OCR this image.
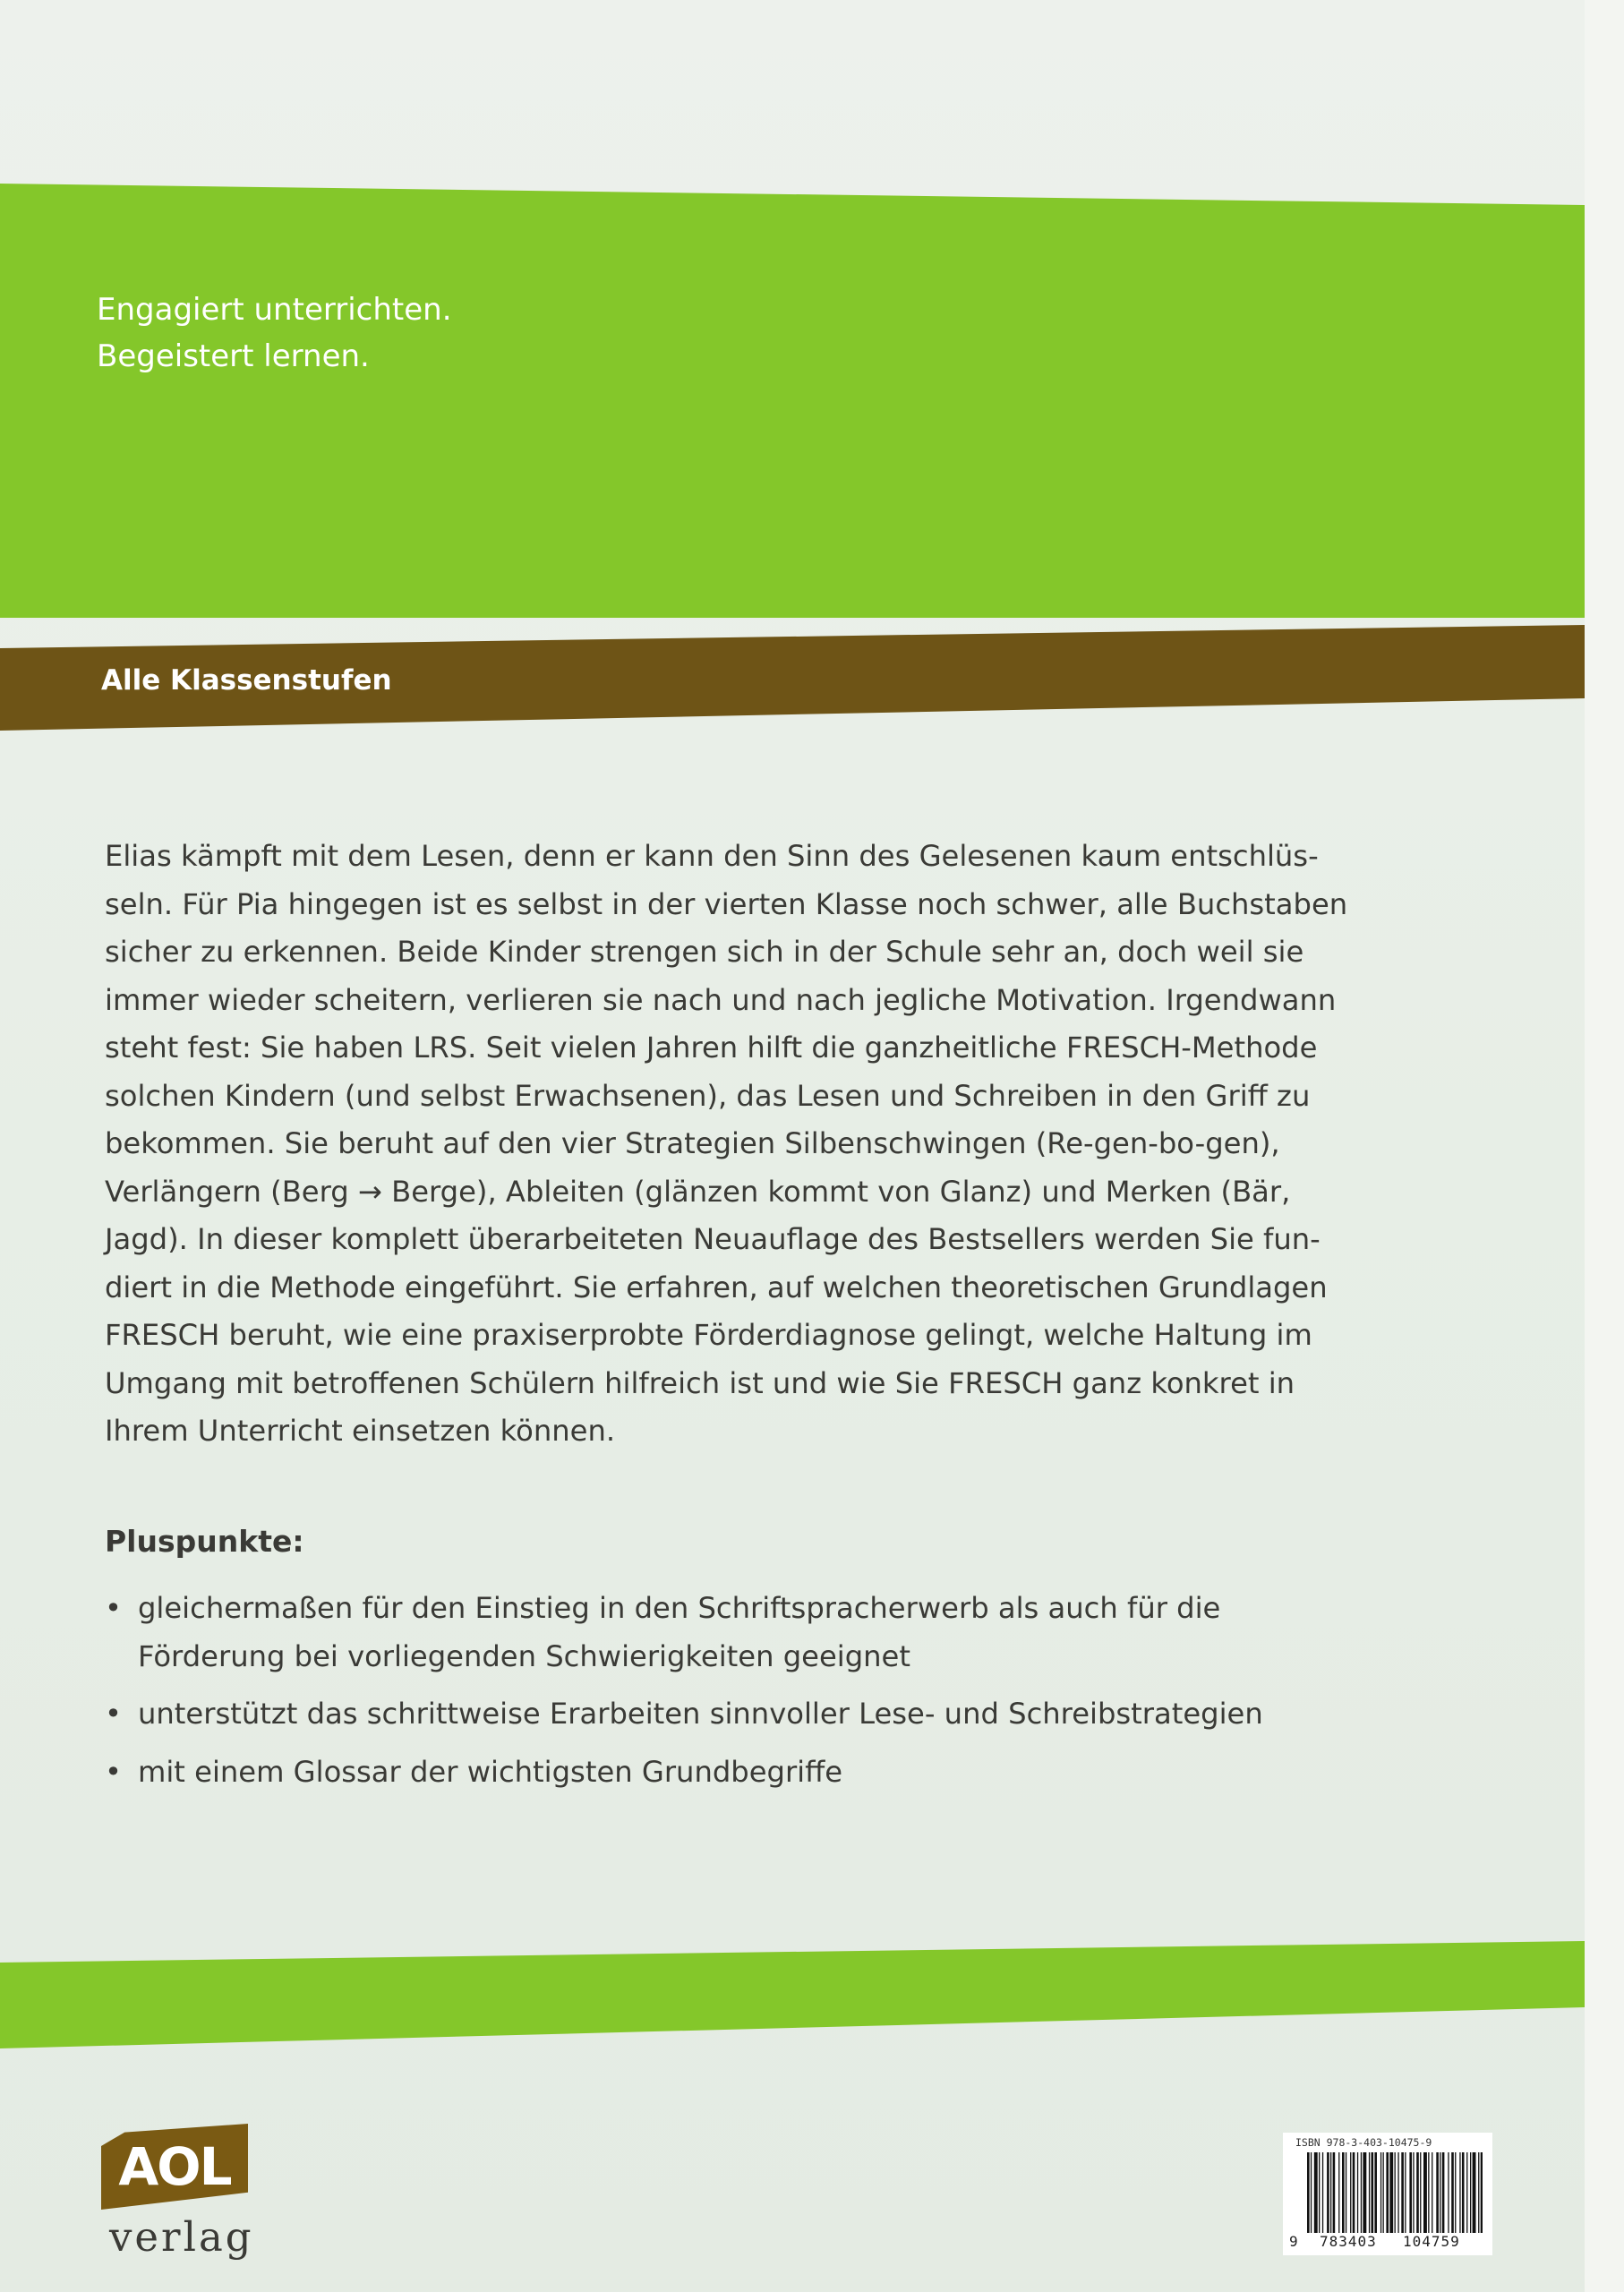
Engagiert unterrichten.
Begeistert lernen.
Alle Klassenstufen
Elias kämpft mit dem Lesen, denn er kann den Sinn des Gelesenen kaum entschlüs-
seln. Für Pia hingegen ist es selbst in der vierten Klasse noch schwer, alle Buchstaben
sicher zu erkennen. Beide Kinder strengen sich in der Schule sehr an, doch weil sie
immer wieder scheitern, verlieren sie nach und nach jegliche Motivation. Irgendwann
steht fest: Sie haben LRS. Seit vielen Jahren hilft die ganzheitliche FRESCH-Methode
solchen Kindern (und selbst Erwachsenen), das Lesen und Schreiben in den Griff zu
bekommen. Sie beruht auf den vier Strategien Silbenschwingen (Re-gen-bo-gen),
Verlängern (Berg → Berge), Ableiten (glänzen kommt von Glanz) und Merken (Bär,
Jagd). In dieser komplett überarbeiteten Neuauflage des Bestsellers werden Sie fun-
diert in die Methode eingeführt. Sie erfahren, auf welchen theoretischen Grundlagen
FRESCH beruht, wie eine praxiserprobte Förderdiagnose gelingt, welche Haltung im
Umgang mit betroffenen Schülern hilfreich ist und wie Sie FRESCH ganz konkret in
Ihrem Unterricht einsetzen können.
Pluspunkte:
• gleichermaßen für den Einstieg in den Schriftspracherwerb als auch für die
Förderung bei vorliegenden Schwierigkeiten geeignet
• unterstützt das schrittweise Erarbeiten sinnvoller Lese- und Schreibstrategien
• mit einem Glossar der wichtigsten Grundbegriffe
AOL
verlag
ISBN 978-3-403-10475-9
9 783403 104759
